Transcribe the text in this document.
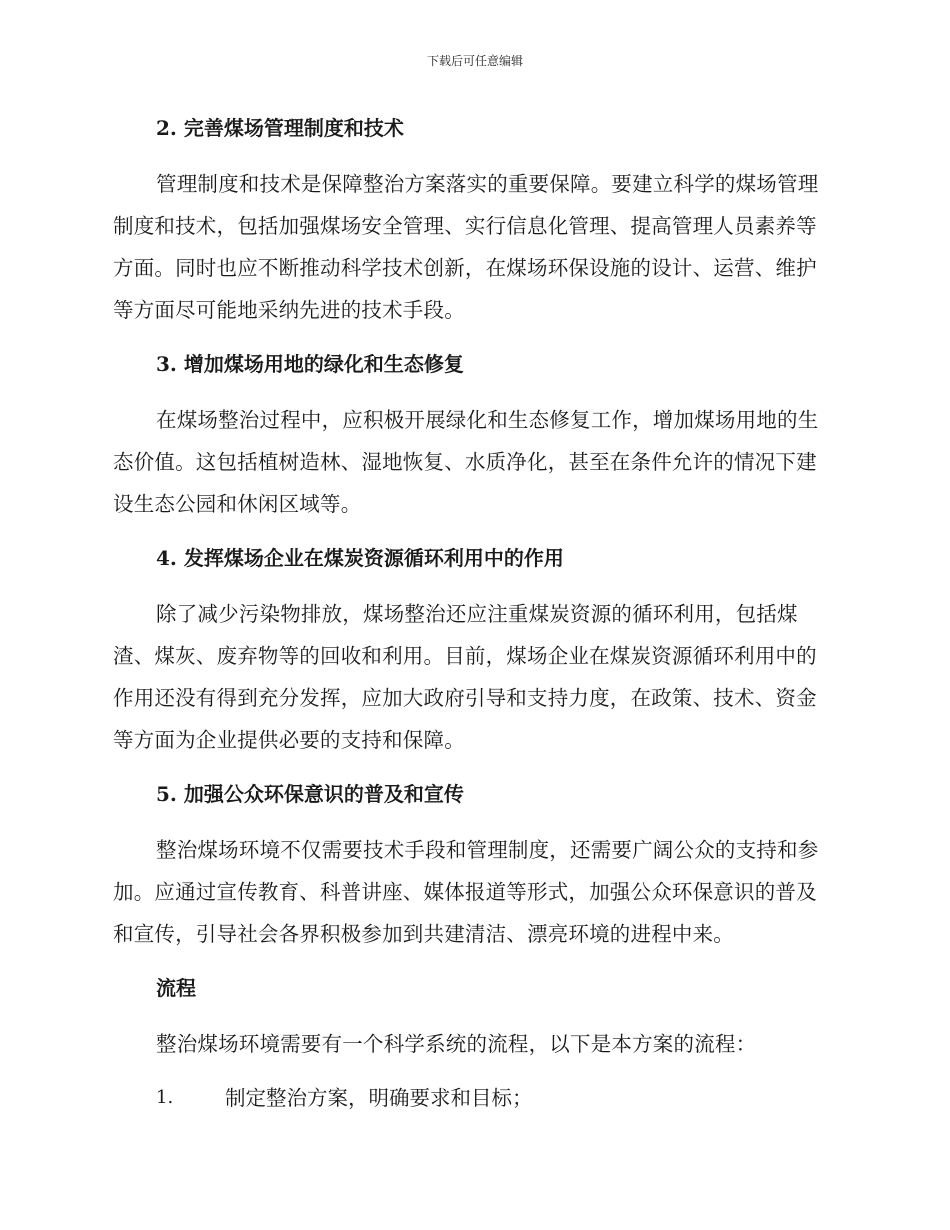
下载后可任意编辑
2. 完善煤场管理制度和技术

管理制度和技术是保障整治方案落实的重要保障。要建立科学的煤场管理制度和技术，包括加强煤场安全管理、实行信息化管理、提高管理人员素养等方面。同时也应不断推动科学技术创新，在煤场环保设施的设计、运营、维护等方面尽可能地采纳先进的技术手段。

3. 增加煤场用地的绿化和生态修复

在煤场整治过程中，应积极开展绿化和生态修复工作，增加煤场用地的生态价值。这包括植树造林、湿地恢复、水质净化，甚至在条件允许的情况下建设生态公园和休闲区域等。

4. 发挥煤场企业在煤炭资源循环利用中的作用

除了减少污染物排放，煤场整治还应注重煤炭资源的循环利用，包括煤渣、煤灰、废弃物等的回收和利用。目前，煤场企业在煤炭资源循环利用中的作用还没有得到充分发挥，应加大政府引导和支持力度，在政策、技术、资金等方面为企业提供必要的支持和保障。

5. 加强公众环保意识的普及和宣传

整治煤场环境不仅需要技术手段和管理制度，还需要广阔公众的支持和参加。应通过宣传教育、科普讲座、媒体报道等形式，加强公众环保意识的普及和宣传，引导社会各界积极参加到共建清洁、漂亮环境的进程中来。

流程

整治煤场环境需要有一个科学系统的流程，以下是本方案的流程：

1.	制定整治方案，明确要求和目标；
